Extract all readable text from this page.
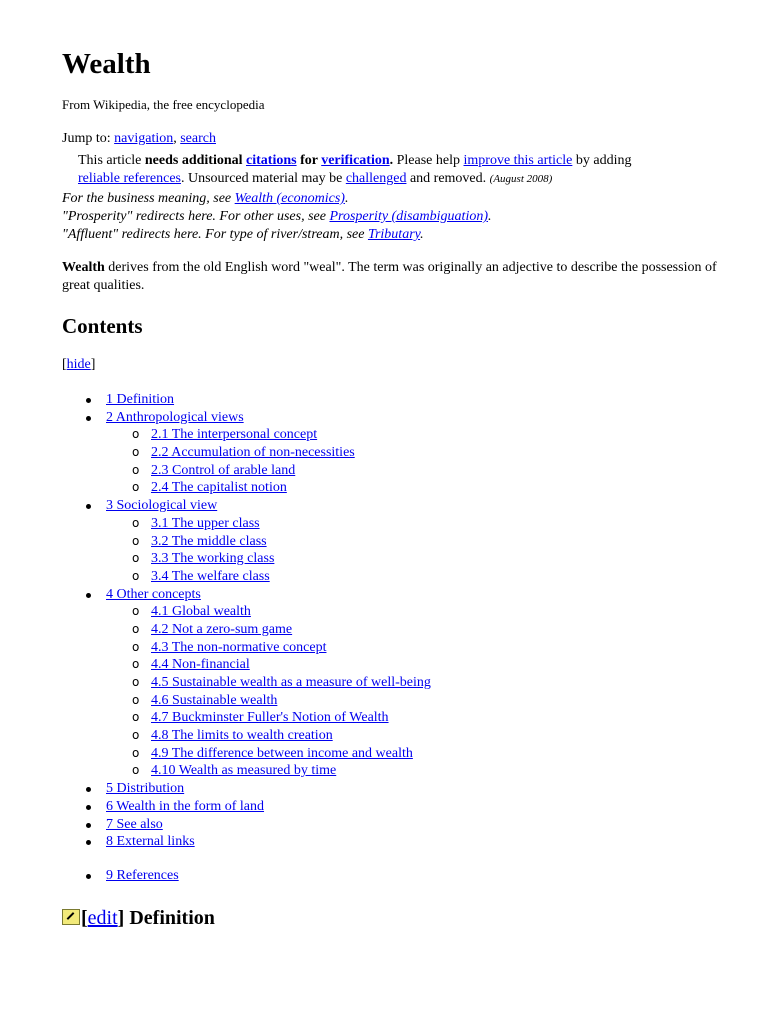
Wealth
From Wikipedia, the free encyclopedia
Jump to: navigation, search
This article needs additional citations for verification. Please help improve this article by adding
reliable references. Unsourced material may be challenged and removed. (August 2008)
For the business meaning, see Wealth (economics).
"Prosperity" redirects here. For other uses, see Prosperity (disambiguation).
"Affluent" redirects here. For type of river/stream, see Tributary.

Wealth derives from the old English word "weal". The term was originally an adjective to describe the possession of great qualities.

Contents
[hide]
1 Definition
2 Anthropological views
o 2.1 The interpersonal concept
o 2.2 Accumulation of non-necessities
o 2.3 Control of arable land
o 2.4 The capitalist notion
3 Sociological view
o 3.1 The upper class
o 3.2 The middle class
o 3.3 The working class
o 3.4 The welfare class
4 Other concepts
o 4.1 Global wealth
o 4.2 Not a zero-sum game
o 4.3 The non-normative concept
o 4.4 Non-financial
o 4.5 Sustainable wealth as a measure of well-being
o 4.6 Sustainable wealth
o 4.7 Buckminster Fuller's Notion of Wealth
o 4.8 The limits to wealth creation
o 4.9 The difference between income and wealth
o 4.10 Wealth as measured by time
5 Distribution
6 Wealth in the form of land
7 See also
8 External links
9 References
[edit] Definition
